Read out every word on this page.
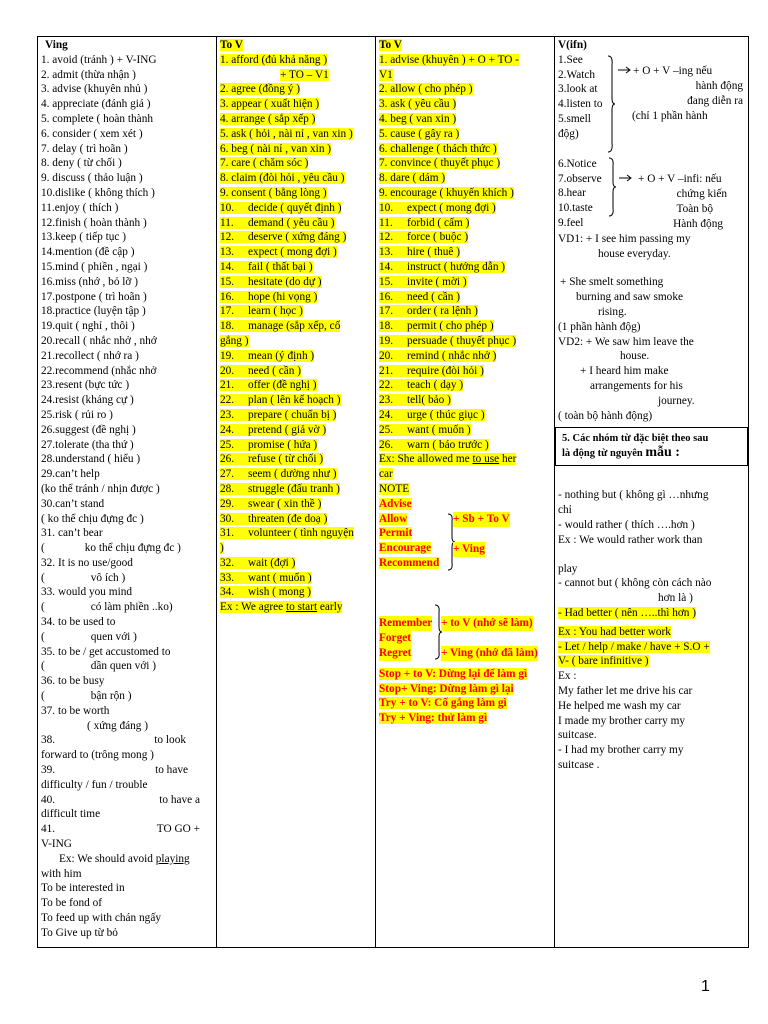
Ving
1. avoid (tránh ) + V-ING
2. admit (thừa nhận )
3. advise (khuyên nhủ )
4. appreciate (đánh giá )
5. complete ( hoàn thành
6. consider ( xem xét )
7. delay ( trì hoãn )
8. deny ( từ chối )
9. discuss ( thảo luận )
10.dislike ( không thích )
11.enjoy ( thích )
12.finish ( hoàn thành )
13.keep ( tiếp tục )
14.mention (đề cập )
15.mind ( phiền , ngại )
16.miss (nhớ , bỏ lỡ )
17.postpone ( trì hoãn )
18.practice (luyện tập )
19.quit ( nghỉ , thôi )
20.recall ( nhắc nhở , nhớ
21.recollect ( nhớ ra )
22.recommend (nhắc nhở
23.resent (bực tức )
24.resist (kháng cự )
25.risk ( rủi ro )
26.suggest (đề nghị )
27.tolerate (tha thứ )
28.understand ( hiểu )
29.can’t help
(ko thể tránh / nhịn được )
30.can’t stand
( ko thể chịu đựng đc )
31. can’t bear
(	ko thể chịu đựng đc )
32. It is no use/good
(	vô ích )
33. would you mind
(	có làm phiền ..ko)
34. to be used to
(	quen với )
35. to be / get accustomed to
(	dần quen với )
36. to be busy
(	bận rộn )
37. to be worth
( xứng đáng )
38.	to look
forward to (trông mong )
39.	to have
difficulty / fun / trouble
40.	to have a
difficult time
41.	TO GO +
V-ING
Ex: We should avoid playing
with him
To be interested in
To be fond of
To feed up with chán ngấy
To Give up từ bỏ

To V
1. afford (đủ khả năng )
+ TO – V1
2. agree (đồng ý )
3. appear ( xuất hiện )
4. arrange ( sắp xếp )
5. ask ( hỏi , nài nỉ , van xin )
6. beg ( nài nỉ , van xin )
7. care ( chăm sóc )
8. claim (đòi hỏi , yêu cầu )
9. consent ( bằng lòng )
10. decide ( quyết định )
11. demand ( yêu cầu )
12. deserve ( xứng đáng )
13. expect ( mong đợi )
14. fail ( thất bại )
15. hesitate (do dự )
16. hope (hi vọng )
17. learn ( học )
18. manage (sắp xếp, cố
gắng )
19. mean (ý định )
20. need ( cần )
21. offer (đề nghị )
22. plan ( lên kế hoạch )
23. prepare ( chuẩn bị )
24. pretend ( giả vờ )
25. promise ( hứa )
26. refuse ( từ chối )
27. seem ( dường như )
28. struggle (đấu tranh )
29. swear ( xin thề )
30. threaten (đe doạ )
31. volunteer ( tình nguyện
)
32. wait (đợi )
33. want ( muốn )
34. wish ( mong )
Ex : We agree to start early

To V
1. advise (khuyên ) + O + TO -
V1
2. allow ( cho phép )
3. ask ( yêu cầu )
4. beg ( van xin )
5. cause ( gây ra )
6. challenge ( thách thức )
7. convince ( thuyết phục )
8. dare ( dám )
9. encourage ( khuyến khích )
10. expect ( mong đợi )
11. forbid ( cấm )
12. force ( buộc )
13. hire ( thuê )
14. instruct ( hướng dẫn )
15. invite ( mời )
16. need ( cần )
17. order ( ra lệnh )
18. permit ( cho phép )
19. persuade ( thuyết phục )
20. remind ( nhắc nhở )
21. require (đòi hỏi )
22. teach ( dạy )
23. tell( bảo )
24. urge ( thúc giục )
25. want ( muốn )
26. warn ( báo trước )
Ex: She allowed me to use her
car
NOTE
Advise
Allow
Permit
Encourage
Recommend
+ Sb + To V
+ Ving
Remember + to V (nhớ sẽ làm)
Forget
Regret	+ Ving (nhớ đã làm)
Stop + to V: Dừng lại để làm gì
Stop+ Ving: Dừng làm gì lại
Try + to V: Cố gắng làm gì
Try + Ving: thử làm gì

V(ifn)
1.See
2.Watch
3.look at
4.listen to
5.smell
độg)
+ O + V –ing nếu
hành động
đang diễn ra
(chỉ 1 phần hành
6.Notice
7.observe
8.hear
10.taste
9.feel
+ O + V –infi: nếu
chứng kiến
Toàn bộ
Hành động
VD1: + I see him passing my
house everyday.
+ She smelt something
burning and saw smoke
rising.
(1 phần hành độg)
VD2: + We saw him leave the
house.
+ I heard him make
arrangements for his
journey.
( toàn bộ hành động)
5. Các nhóm từ đặc biệt theo sau
là động từ nguyên mẫu :
- nothing but ( không gì …nhưng
chỉ
- would rather ( thích ….hơn )
Ex : We would rather work than
play
- cannot but ( không còn cách nào
hơn là )
- Had better ( nên …..thì hơn )
Ex : You had better work
- Let / help / make / have + S.O +
V- ( bare infinitive )
Ex :
My father let me drive his car
He helped me wash my car
I made my brother carry my
suitcase.
- I had my brother carry my
suitcase .
1
